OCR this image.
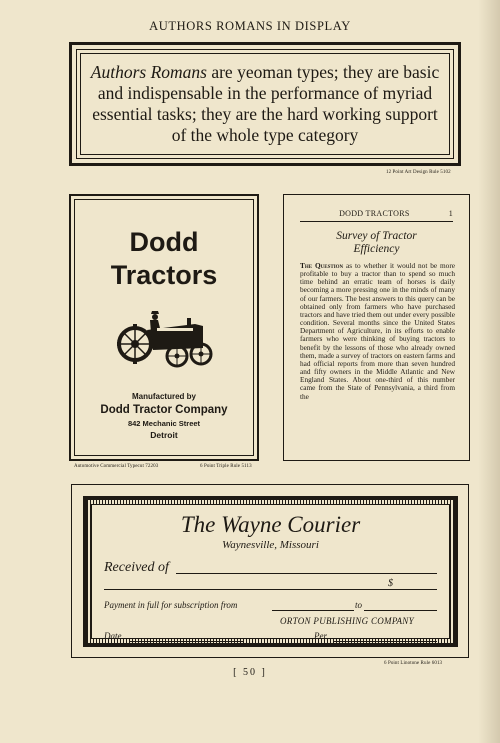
AUTHORS ROMANS IN DISPLAY
Authors Romans are yeoman types; they are basic and indispensable in the performance of myriad essential tasks; they are the hard working support of the whole type category
12 Point Art Design Rule 5102
Dodd
Tractors
Manufactured by
Dodd Tractor Company
842 Mechanic Street
Detroit
Automotive Commercial Typecut 72203	6 Point Triple Rule 5113
DODD TRACTORS	1
Survey of Tractor
Efficiency
The Question as to whether it would not be more profitable to buy a tractor than to spend so much time behind an erratic team of horses is daily becoming a more pressing one in the minds of many of our farmers. The best answers to this query can be obtained only from farmers who have purchased tractors and have tried them out under every possible condition. Several months since the United States Department of Agriculture, in its efforts to enable farmers who were thinking of buying tractors to benefit by the lessons of those who already owned them, made a survey of tractors on eastern farms and had official reports from more than seven hundred and fifty owners in the Middle Atlantic and New England States. About one-third of this number came from the State of Pennsylvania, a third from the
The Wayne Courier
Waynesville, Missouri
Received of
$
Payment in full for subscription from	to
ORTON PUBLISHING COMPANY
Date	Per
6 Point Linotone Rule 6013
[ 50 ]
